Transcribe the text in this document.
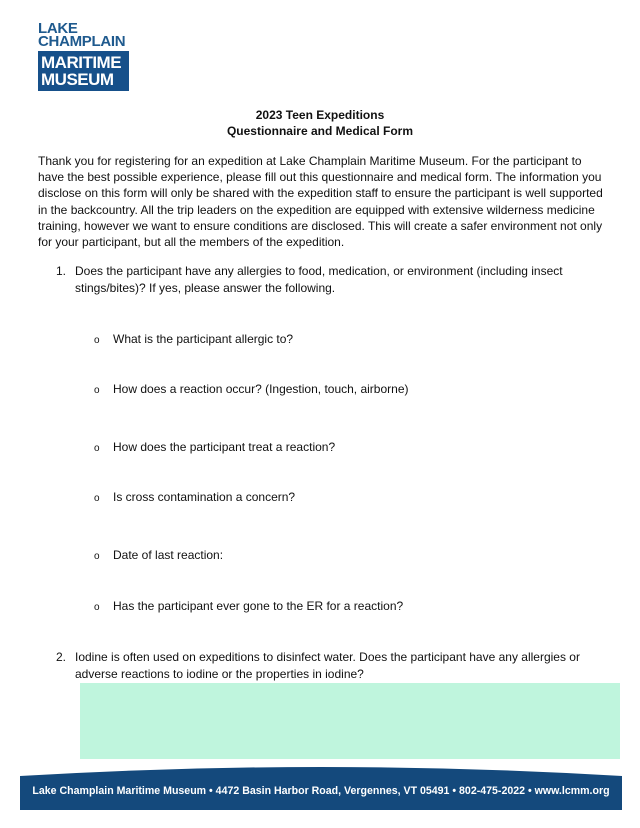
LAKE
CHAMPLAIN
MARITIME
MUSEUM
2023 Teen Expeditions
Questionnaire and Medical Form
Thank you for registering for an expedition at Lake Champlain Maritime Museum. For the participant to have the best possible experience, please fill out this questionnaire and medical form. The information you disclose on this form will only be shared with the expedition staff to ensure the participant is well supported in the backcountry. All the trip leaders on the expedition are equipped with extensive wilderness medicine training, however we want to ensure conditions are disclosed. This will create a safer environment not only for your participant, but all the members of the expedition.
1. Does the participant have any allergies to food, medication, or environment (including insect stings/bites)? If yes, please answer the following.
o What is the participant allergic to?
o How does a reaction occur? (Ingestion, touch, airborne)
o How does the participant treat a reaction?
o Is cross contamination a concern?
o Date of last reaction:
o Has the participant ever gone to the ER for a reaction?
2. Iodine is often used on expeditions to disinfect water. Does the participant have any allergies or adverse reactions to iodine or the properties in iodine?
Lake Champlain Maritime Museum • 4472 Basin Harbor Road, Vergennes, VT 05491 • 802-475-2022 • www.lcmm.org
